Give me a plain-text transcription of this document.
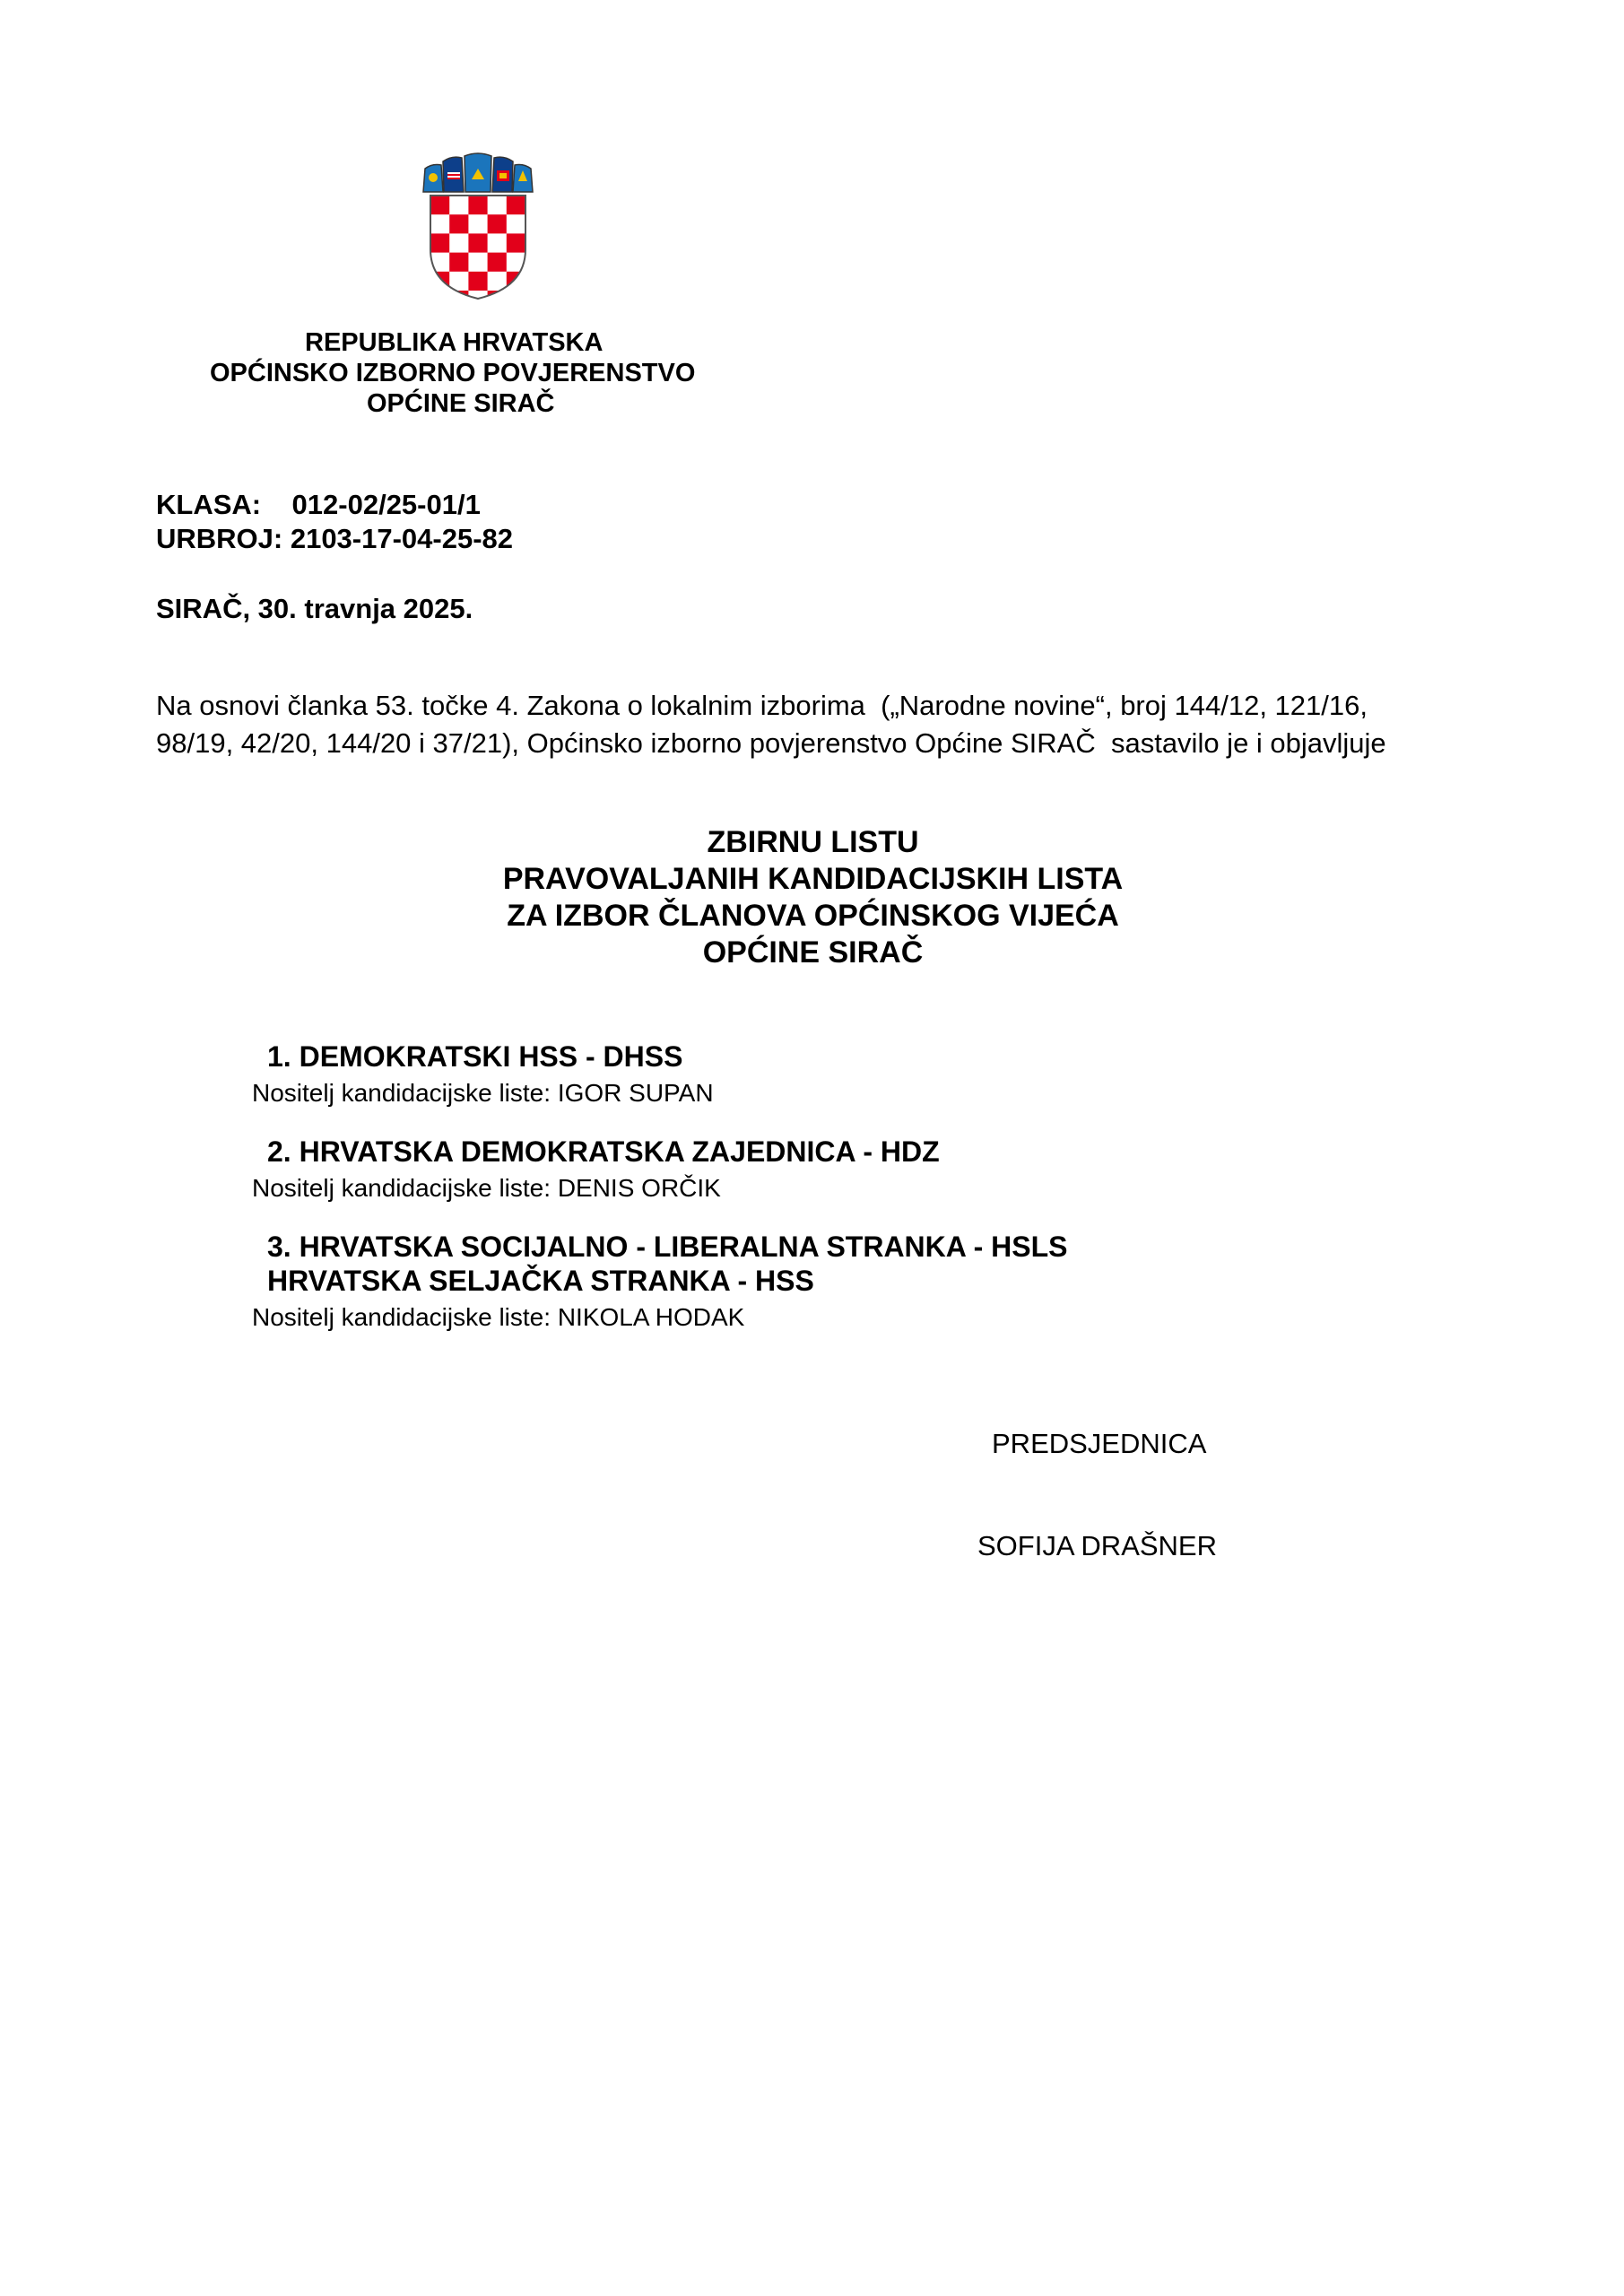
REPUBLIKA HRVATSKA
OPĆINSKO IZBORNO POVJERENSTVO
OPĆINE SIRAČ
KLASA:    012-02/25-01/1
URBROJ: 2103-17-04-25-82
SIRAČ, 30. travnja 2025.

Na osnovi članka 53. točke 4. Zakona o lokalnim izborima  („Narodne novine“, broj 144/12, 121/16,

98/19, 42/20, 144/20 i 37/21), Općinsko izborno povjerenstvo Općine SIRAČ  sastavilo je i objavljuje

ZBIRNU LISTU
PRAVOVALJANIH KANDIDACIJSKIH LISTA
ZA IZBOR ČLANOVA OPĆINSKOG VIJEĆA
OPĆINE SIRAČ
1. DEMOKRATSKI HSS - DHSS
Nositelj kandidacijske liste: IGOR SUPAN
2. HRVATSKA DEMOKRATSKA ZAJEDNICA - HDZ
Nositelj kandidacijske liste: DENIS ORČIK
3. HRVATSKA SOCIJALNO - LIBERALNA STRANKA - HSLS
HRVATSKA SELJAČKA STRANKA - HSS
Nositelj kandidacijske liste: NIKOLA HODAK
PREDSJEDNICA
SOFIJA DRAŠNER
